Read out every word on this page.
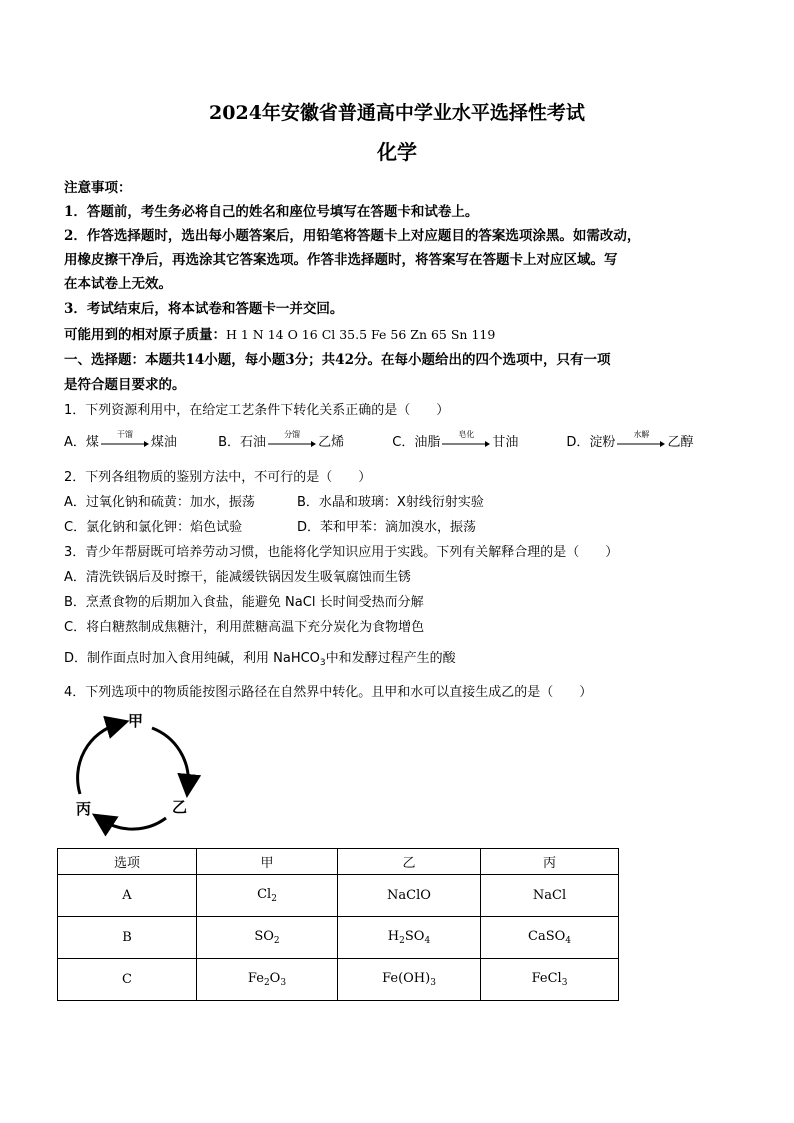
2024年安徽省普通高中学业水平选择性考试
化学
注意事项：
1．答题前，考生务必将自己的姓名和座位号填写在答题卡和试卷上。
2．作答选择题时，选出每小题答案后，用铅笔将答题卡上对应题目的答案选项涂黑。如需改动，
用橡皮擦干净后，再选涂其它答案选项。作答非选择题时，将答案写在答题卡上对应区域。写
在本试卷上无效。
3．考试结束后，将本试卷和答题卡一并交回。
可能用到的相对原子质量：H 1 N 14 O 16 Cl 35.5 Fe 56 Zn 65 Sn 119
一、选择题：本题共14小题，每小题3分；共42分。在每小题给出的四个选项中，只有一项
是符合题目要求的。
1．下列资源利用中，在给定工艺条件下转化关系正确的是（　　）
A．煤
干馏
煤油	B．石油
分馏
乙烯	C．油脂
皂化
甘油	D．淀粉
水解
乙醇
2．下列各组物质的鉴别方法中，不可行的是（　　）
A．过氧化钠和硫黄：加水，振荡	B．水晶和玻璃：X射线衍射实验
C．氯化钠和氯化钾：焰色试验	D．苯和甲苯：滴加溴水，振荡
3．青少年帮厨既可培养劳动习惯，也能将化学知识应用于实践。下列有关解释合理的是（　　）
A．清洗铁锅后及时擦干，能减缓铁锅因发生吸氧腐蚀而生锈
B．烹煮食物的后期加入食盐，能避免 NaCl 长时间受热而分解
C．将白糖熬制成焦糖汁，利用蔗糖高温下充分炭化为食物增色
D．制作面点时加入食用纯碱，利用 NaHCO$_3$中和发酵过程产生的酸
4．下列选项中的物质能按图示路径在自然界中转化。且甲和水可以直接生成乙的是（　　）
甲
乙
丙
选项	甲	乙	丙
A	$Cl_2$	NaClO	NaCl
B	$SO_2$	$H_2SO_4$	CaSO$_4$
C	$Fe_2O_3$	$Fe(OH)_3$	FeCl$_3$
